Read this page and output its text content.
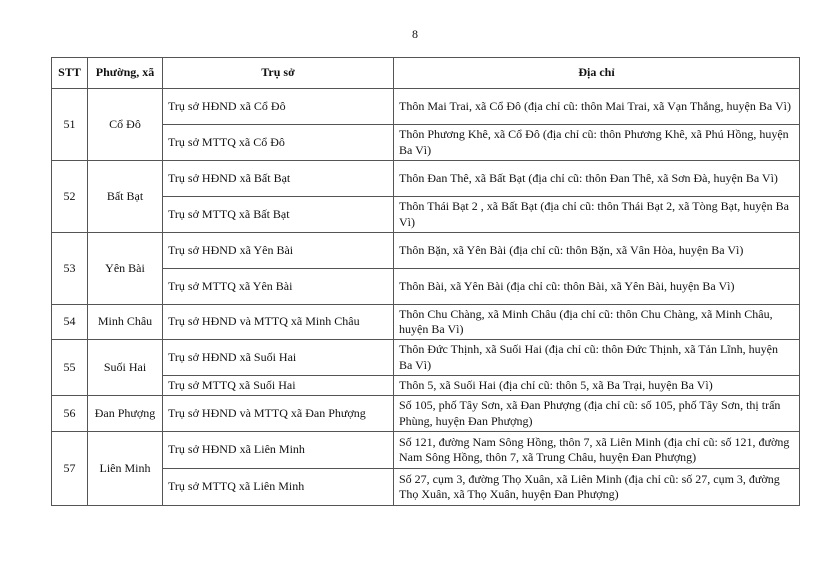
8
STT	Phường, xã	Trụ sở	Địa chỉ
51	Cổ Đô	Trụ sở HĐND xã Cổ Đô	Thôn Mai Trai, xã Cổ Đô (địa chỉ cũ: thôn Mai Trai, xã Vạn Thắng, huyện Ba Vì)
		Trụ sở MTTQ xã Cổ Đô	Thôn Phương Khê, xã Cổ Đô (địa chỉ cũ: thôn Phương Khê, xã Phú Hồng, huyện Ba Vì)
52	Bất Bạt	Trụ sở HĐND xã Bất Bạt	Thôn Đan Thê, xã Bất Bạt (địa chỉ cũ: thôn Đan Thê, xã Sơn Đà, huyện Ba Vì)
		Trụ sở MTTQ xã Bất Bạt	Thôn Thái Bạt 2 , xã Bất Bạt (địa chỉ cũ: thôn Thái Bạt 2, xã Tòng Bạt, huyện Ba Vì)
53	Yên Bài	Trụ sở HĐND xã Yên Bài	Thôn Bặn, xã Yên Bài (địa chỉ cũ: thôn Bặn, xã Vân Hòa, huyện Ba Vì)
		Trụ sở MTTQ xã Yên Bài	Thôn Bài, xã Yên Bài (địa chỉ cũ: thôn Bài, xã Yên Bài, huyện Ba Vì)
54	Minh Châu	Trụ sở HĐND và MTTQ xã Minh Châu	Thôn Chu Chàng, xã Minh Châu (địa chỉ cũ: thôn Chu Chàng, xã Minh Châu, huyện Ba Vì)
55	Suối Hai	Trụ sở HĐND xã Suối Hai	Thôn Đức Thịnh, xã Suối Hai (địa chỉ cũ: thôn Đức Thịnh, xã Tản Lĩnh, huyện Ba Vì)
		Trụ sở MTTQ xã Suối Hai	Thôn 5, xã Suối Hai (địa chỉ cũ: thôn 5, xã Ba Trại, huyện Ba Vì)
56	Đan Phượng	Trụ sở HĐND và MTTQ xã Đan Phượng	Số 105, phố Tây Sơn, xã Đan Phượng (địa chỉ cũ: số 105, phố Tây Sơn, thị trấn Phùng, huyện Đan Phượng)
57	Liên Minh	Trụ sở HĐND xã Liên Minh	Số 121, đường Nam Sông Hồng, thôn 7, xã Liên Minh (địa chỉ cũ: số 121, đường Nam Sông Hồng, thôn 7, xã Trung Châu, huyện Đan Phượng)
		Trụ sở MTTQ xã Liên Minh	Số 27, cụm 3, đường Thọ Xuân, xã Liên Minh (địa chỉ cũ: số 27, cụm 3, đường Thọ Xuân, xã Thọ Xuân, huyện Đan Phượng)
